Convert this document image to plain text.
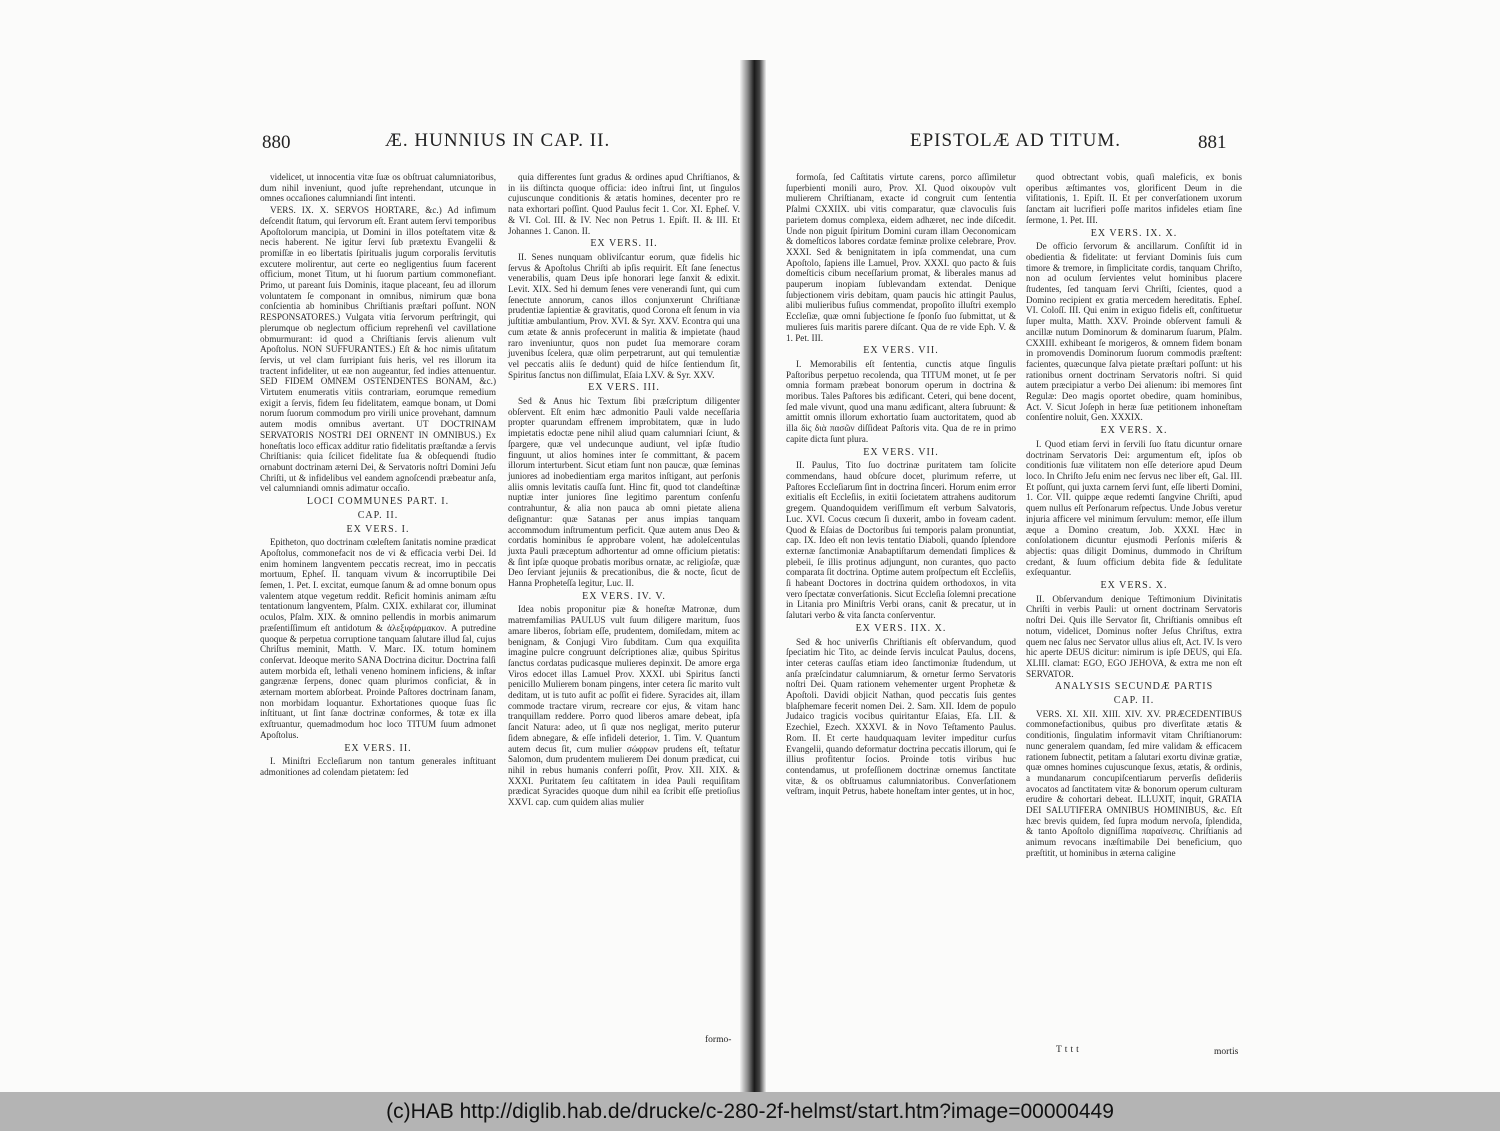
880	Æ. HUNNIUS IN CAP. II.

videlicet, ut innocentia vitæ ſuæ os obſtruat calumniatoribus, dum nihil inveniunt, quod juſte reprehendant, utcunque in omnes occaſiones calumniandi ſint intenti.

VERS. IX. X. SERVOS HORTARE, &c.) Ad infimum deſcendit ſtatum, qui ſervorum eſt. Erant autem ſervi temporibus Apoſtolorum mancipia, ut Domini in illos poteſtatem vitæ & necis haberent. Ne igitur ſervi ſub prætextu Evangelii & promiſſæ in eo libertatis ſpiritualis jugum corporalis ſervitutis excutere molirentur, aut certe eo negligentius ſuum facerent officium, monet Titum, ut hi ſuorum partium commonefiant. Primo, ut pareant ſuis Dominis, itaque placeant, ſeu ad illorum voluntatem ſe componant in omnibus, nimirum quæ bona conſcientia ab hominibus Chriſtianis præſtari poſſunt. NON RESPONSATORES.) Vulgata vitia ſervorum perſtringit, qui plerumque ob neglectum officium reprehenſi vel cavillatione obmurmurant: id quod a Chriſtianis ſervis alienum vult Apoſtolus. NON SUFFURANTES.) Eſt & hoc nimis uſitatum ſervis, ut vel clam ſurripiant ſuis heris, vel res illorum ita tractent infideliter, ut eæ non augeantur, ſed indies attenuentur. SED FIDEM OMNEM OSTENDENTES BONAM, &c.) Virtutem enumeratis vitiis contrariam, eorumque remedium exigit a ſervis, fidem ſeu fidelitatem, eamque bonam, ut Domi norum ſuorum commodum pro virili unice provehant, damnum autem modis omnibus avertant. UT DOCTRINAM SERVATORIS NOSTRI DEI ORNENT IN OMNIBUS.) Ex honeſtatis loco efficax additur ratio fidelitatis præſtandæ a ſervis Chriſtianis: quia ſcilicet fidelitate ſua & obſequendi ſtudio ornabunt doctrinam æterni Dei, & Servatoris noſtri Domini Jeſu Chriſti, ut & infidelibus vel eandem agnoſcendi præbeatur anſa, vel calumniandi omnis adimatur occaſio.

LOCI COMMUNES PART. I.
CAP. II.
EX VERS. I.

Epitheton, quo doctrinam cœleſtem ſanitatis nomine prædicat Apoſtolus, commonefacit nos de vi & efficacia verbi Dei. Id enim hominem langventem peccatis recreat, imo in peccatis mortuum, Epheſ. II. tanquam vivum & incorruptibile Dei ſemen, 1. Pet. I. excitat, eumque ſanum & ad omne bonum opus valentem atque vegetum reddit. Reficit hominis animam æſtu tentationum langventem, Pſalm. CXIX. exhilarat cor, illuminat oculos, Pſalm. XIX. & omnino pellendis in morbis animarum præſentiſſimum eſt antidotum & ἀλεξιφάρμακον. A putredine quoque & perpetua corruptione tanquam ſalutare illud ſal, cujus Chriſtus meminit, Matth. V. Marc. IX. totum hominem conſervat. Ideoque merito SANA Doctrina dicitur. Doctrina falſi autem morbida eſt, lethali veneno hominem inficiens, & inſtar gangrænæ ſerpens, donec quam plurimos conficiat, & in æternam mortem abſorbeat. Proinde Paſtores doctrinam ſanam, non morbidam loquantur. Exhortationes quoque ſuas ſic inſtituant, ut ſint ſanæ doctrinæ conformes, & totæ ex illa exſtruantur, quemadmodum hoc loco TITUM ſuum admonet Apoſtolus.

EX VERS. II.

I. Miniſtri Eccleſiarum non tantum generales inſtituant admonitiones ad colendam pietatem: ſed

quia differentes ſunt gradus & ordines apud Chriſtianos, & in iis diſtincta quoque officia: ideo inſtrui ſint, ut ſingulos cujuscunque conditionis & ætatis homines, decenter pro re nata exhortari poſſint. Quod Paulus fecit 1. Cor. XI. Epheſ. V. & VI. Col. III. & IV. Nec non Petrus 1. Epiſt. II. & III. Et Johannes 1. Canon. II.

EX VERS. II.

II. Senes nunquam obliviſcantur eorum, quæ fidelis hic ſervus & Apoſtolus Chriſti ab ipſis requirit. Eſt ſane ſenectus venerabilis, quam Deus ipſe honorari lege ſanxit & edixit. Levit. XIX. Sed hi demum ſenes vere venerandi ſunt, qui cum ſenectute annorum, canos illos conjunxerunt Chriſtianæ prudentiæ ſapientiæ & gravitatis, quod Corona eſt ſenum in via juſtitiæ ambulantium, Prov. XVI. & Syr. XXV. Econtra qui una cum ætate & annis profecerunt in malitia & impietate (haud raro inveniuntur, quos non pudet ſua memorare coram juvenibus ſcelera, quæ olim perpetrarunt, aut qui temulentiæ vel peccatis aliis ſe dedunt) quid de hiſce ſentiendum ſit, Spiritus ſanctus non diſſimulat, Eſaia LXV. & Syr. XXV.

EX VERS. III.

Sed & Anus hic Textum ſibi præſcriptum diligenter obſervent. Eſt enim hæc admonitio Pauli valde neceſſaria propter quarundam effrenem improbitatem, quæ in ludo impietatis edoctæ pene nihil aliud quam calumniari ſciunt, & ſpargere, quæ vel undecunque audiunt, vel ipſæ ſtudio finguunt, ut alios homines inter ſe committant, & pacem illorum interturbent. Sicut etiam ſunt non paucæ, quæ ſeminas juniores ad inobedientiam erga maritos inſtigant, aut perſonis aliis omnis levitatis cauſſa ſunt. Hinc fit, quod tot clandeſtinæ nuptiæ inter juniores ſine legitimo parentum conſenſu contrahuntur, & alia non pauca ab omni pietate aliena deſignantur: quæ Satanas per anus impias tanquam accommodum inſtrumentum perficit. Quæ autem anus Deo & cordatis hominibus ſe approbare volent, hæ adoleſcentulas juxta Pauli præceptum adhortentur ad omne officium pietatis: & ſint ipſæ quoque probatis moribus ornatæ, ac religioſæ, quæ Deo ſerviant jejuniis & precationibus, die & nocte, ſicut de Hanna Propheteſſa legitur, Luc. II.

EX VERS. IV. V.

Idea nobis proponitur piæ & honeſtæ Matronæ, dum matremfamilias PAULUS vult ſuum diligere maritum, ſuos amare liberos, ſobriam eſſe, prudentem, domiſedam, mitem ac benignam, & Conjugi Viro ſubditam. Cum qua exquiſita imagine pulcre congruunt deſcriptiones aliæ, quibus Spiritus ſanctus cordatas pudicasque mulieres depinxit. De amore erga Viros edocet illas Lamuel Prov. XXXI. ubi Spiritus ſancti penicillo Mulierem bonam pingens, inter cetera ſic marito vult deditam, ut is tuto aufit ac poſſit ei fidere. Syracides ait, illam commode tractare virum, recreare cor ejus, & vitam hanc tranquillam reddere. Porro quod liberos amare debeat, ipſa ſancit Natura: adeo, ut ſi quæ nos negligat, merito puterur ſidem abnegare, & eſſe infideli deterior, 1. Tim. V. Quantum autem decus ſit, cum mulier σώφρων prudens eſt, teſtatur Salomon, dum prudentem mulierem Dei donum prædicat, cui nihil in rebus humanis conferri poſſit, Prov. XII. XIX. & XXXI. Puritatem ſeu caſtitatem in idea Pauli requiſitam prædicat Syracides quoque dum nihil ea ſcribit eſſe pretioſius XXVI. cap. cum quidem alias mulier

formo-
EPISTOLÆ AD TITUM.	881

formoſa, ſed Caſtitatis virtute carens, porco aſſimiletur ſuperbienti monili auro, Prov. XI. Quod οἰκουρὸν vult mulierem Chriſtianam, exacte id congruit cum ſententia Pſalmi CXXIIX. ubi vitis comparatur, quæ clavoculis ſuis parietem domus complexa, eidem adhæret, nec inde diſcedit. Unde non piguit ſpiritum Domini curam illam Oeconomicam & domeſticos labores cordatæ feminæ prolixe celebrare, Prov. XXXI. Sed & benignitatem in ipſa commendat, una cum Apoſtolo, ſapiens ille Lamuel, Prov. XXXI. quo pacto & ſuis domeſticis cibum neceſſarium promat, & liberales manus ad pauperum inopiam ſublevandam extendat. Denique ſubjectionem viris debitam, quam paucis hic attingit Paulus, alibi mulieribus fuſius commendat, propoſito illuſtri exemplo Eccleſiæ, quæ omni ſubjectione ſe ſponſo ſuo ſubmittat, ut & mulieres ſuis maritis parere diſcant. Qua de re vide Eph. V. & 1. Pet. III.

EX VERS. VII.

I. Memorabilis eſt ſententia, cunctis atque ſingulis Paſtoribus perpetuo recolenda, qua TITUM monet, ut ſe per omnia formam præbeat bonorum operum in doctrina & moribus. Tales Paſtores bis ædificant. Ceteri, qui bene docent, ſed male vivunt, quod una manu ædificant, altera ſubruunt: & amittit omnis illorum exhortatio ſuam auctoritatem, quod ab illa δὶς διὰ πασῶν diſſideat Paſtoris vita. Qua de re in primo capite dicta ſunt plura.

EX VERS. VII.

II. Paulus, Tito ſuo doctrinæ puritatem tam ſolicite commendans, haud obſcure docet, plurimum referre, ut Paſtores Eccleſiarum ſint in doctrina ſinceri. Horum enim error exitialis eſt Eccleſiis, in exitii ſocietatem attrahens auditorum gregem. Quandoquidem veriſſimum eſt verbum Salvatoris, Luc. XVI. Cocus cœcum ſi duxerit, ambo in foveam cadent. Quod & Eſaias de Doctoribus ſui temporis palam pronuntiat, cap. IX. Ideo eſt non levis tentatio Diaboli, quando ſplendore externæ ſanctimoniæ Anabaptiſtarum demendati ſimplices & plebeii, ſe illis protinus adjungunt, non curantes, quo pacto comparata ſit doctrina. Optime autem proſpectum eſt Eccleſiis, ſi habeant Doctores in doctrina quidem orthodoxos, in vita vero ſpectatæ converſationis. Sicut Eccleſia ſolemni precatione in Litania pro Miniſtris Verbi orans, canit & precatur, ut in ſalutari verbo & vita ſancta conſerventur.

EX VERS. IIX. X.

Sed & hoc univerſis Chriſtianis eſt obſervandum, quod ſpeciatim hic Tito, ac deinde ſervis inculcat Paulus, docens, inter ceteras cauſſas etiam ideo ſanctimoniæ ſtudendum, ut anſa præſcindatur calumniarum, & ornetur ſermo Servatoris noſtri Dei. Quam rationem vehementer urgent Prophetæ & Apoſtoli. Davidi objicit Nathan, quod peccatis ſuis gentes blaſphemare fecerit nomen Dei. 2. Sam. XII. Idem de populo Judaico tragicis vocibus quiritantur Eſaias, Eſa. LII. & Ezechiel, Ezech. XXXVI. & in Novo Teſtamento Paulus. Rom. II. Et certe haudquaquam leviter impeditur curſus Evangelii, quando deformatur doctrina peccatis illorum, qui ſe illius profitentur ſocios. Proinde totis viribus huc contendamus, ut profeſſionem doctrinæ ornemus ſanctitate vitæ, & os obſtruamus calumniatoribus. Converſationem veſtram, inquit Petrus, habete honeſtam inter gentes, ut in hoc,

quod obtrectant vobis, quaſi maleficis, ex bonis operibus æſtimantes vos, glorificent Deum in die viſitationis, 1. Epiſt. II. Et per converſationem uxorum ſanctam ait lucrifieri poſſe maritos infideles etiam ſine ſermone, 1. Pet. III.

EX VERS. IX. X.

De officio ſervorum & ancillarum. Conſiſtit id in obedientia & fidelitate: ut ferviant Dominis ſuis cum timore & tremore, in ſimplicitate cordis, tanquam Chriſto, non ad oculum ſervientes velut hominibus placere ſtudentes, ſed tanquam ſervi Chriſti, ſcientes, quod a Domino recipient ex gratia mercedem hereditatis. Epheſ. VI. Coloſſ. III. Qui enim in exiguo fidelis eſt, conſtituetur ſuper multa, Matth. XXV. Proinde obſervent famuli & ancillæ nutum Dominorum & dominarum ſuarum, Pſalm. CXXIII. exhibeant ſe morigeros, & omnem fidem bonam in promovendis Dominorum ſuorum commodis præſtent: facientes, quæcunque ſalva pietate præſtari poſſunt: ut his rationibus ornent doctrinam Servatoris noſtri. Si quid autem præcipiatur a verbo Dei alienum: ibi memores ſint Regulæ: Deo magis oportet obedire, quam hominibus, Act. V. Sicut Joſeph in heræ ſuæ petitionem inhoneſtam conſentire noluit, Gen. XXXIX.

EX VERS. X.

I. Quod etiam ſervi in ſervili ſuo ſtatu dicuntur ornare doctrinam Servatoris Dei: argumentum eſt, ipſos ob conditionis ſuæ vilitatem non eſſe deteriore apud Deum loco. In Chriſto Jeſu enim nec ſervus nec liber eſt, Gal. III. Et poſſunt, qui juxta carnem ſervi ſunt, eſſe liberti Domini, 1. Cor. VII. quippe æque redemti ſangvine Chriſti, apud quem nullus eſt Perſonarum reſpectus. Unde Jobus veretur injuria afficere vel minimum ſervulum: memor, eſſe illum æque a Domino creatum, Job. XXXI. Hæc in conſolationem dicuntur ejusmodi Perſonis miſeris & abjectis: quas diligit Dominus, dummodo in Chriſtum credant, & ſuum officium debita fide & ſedulitate exſequantur.

EX VERS. X.

II. Obſervandum denique Teſtimonium Divinitatis Chriſti in verbis Pauli: ut ornent doctrinam Servatoris noſtri Dei. Quis ille Servator ſit, Chriſtianis omnibus eſt notum, videlicet, Dominus noſter Jeſus Chriſtus, extra quem nec ſalus nec Servator ullus alius eſt, Act. IV. Is vero hic aperte DEUS dicitur: nimirum is ipſe DEUS, qui Eſa. XLIII. clamat: EGO, EGO JEHOVA, & extra me non eſt SERVATOR.

ANALYSIS SECUNDÆ PARTIS
CAP. II.

VERS. XI. XII. XIII. XIV. XV. PRÆCEDENTIBUS commonefactionibus, quibus pro diverſitate ætatis & conditionis, ſingulatim informavit vitam Chriſtianorum: nunc generalem quandam, ſed mire validam & efficacem rationem ſubnectit, petitam a ſalutari exortu divinæ gratiæ, quæ omnes homines cujuscunque ſexus, ætatis, & ordinis, a mundanarum concupiſcentiarum perverſis deſideriis avocatos ad ſanctitatem vitæ & bonorum operum culturam erudire & cohortari debeat. ILLUXIT, inquit, GRATIA DEI SALUTIFERA OMNIBUS HOMINIBUS, &c. Eſt hæc brevis quidem, ſed ſupra modum nervoſa, ſplendida, & tanto Apoſtolo digniſſima παραίνεσις. Chriſtianis ad animum revocans inæſtimabile Dei beneficium, quo præſtitit, ut hominibus in æterna caligine

Tttt	mortis
(c)HAB http://diglib.hab.de/drucke/c-280-2f-helmst/start.htm?image=00000449
